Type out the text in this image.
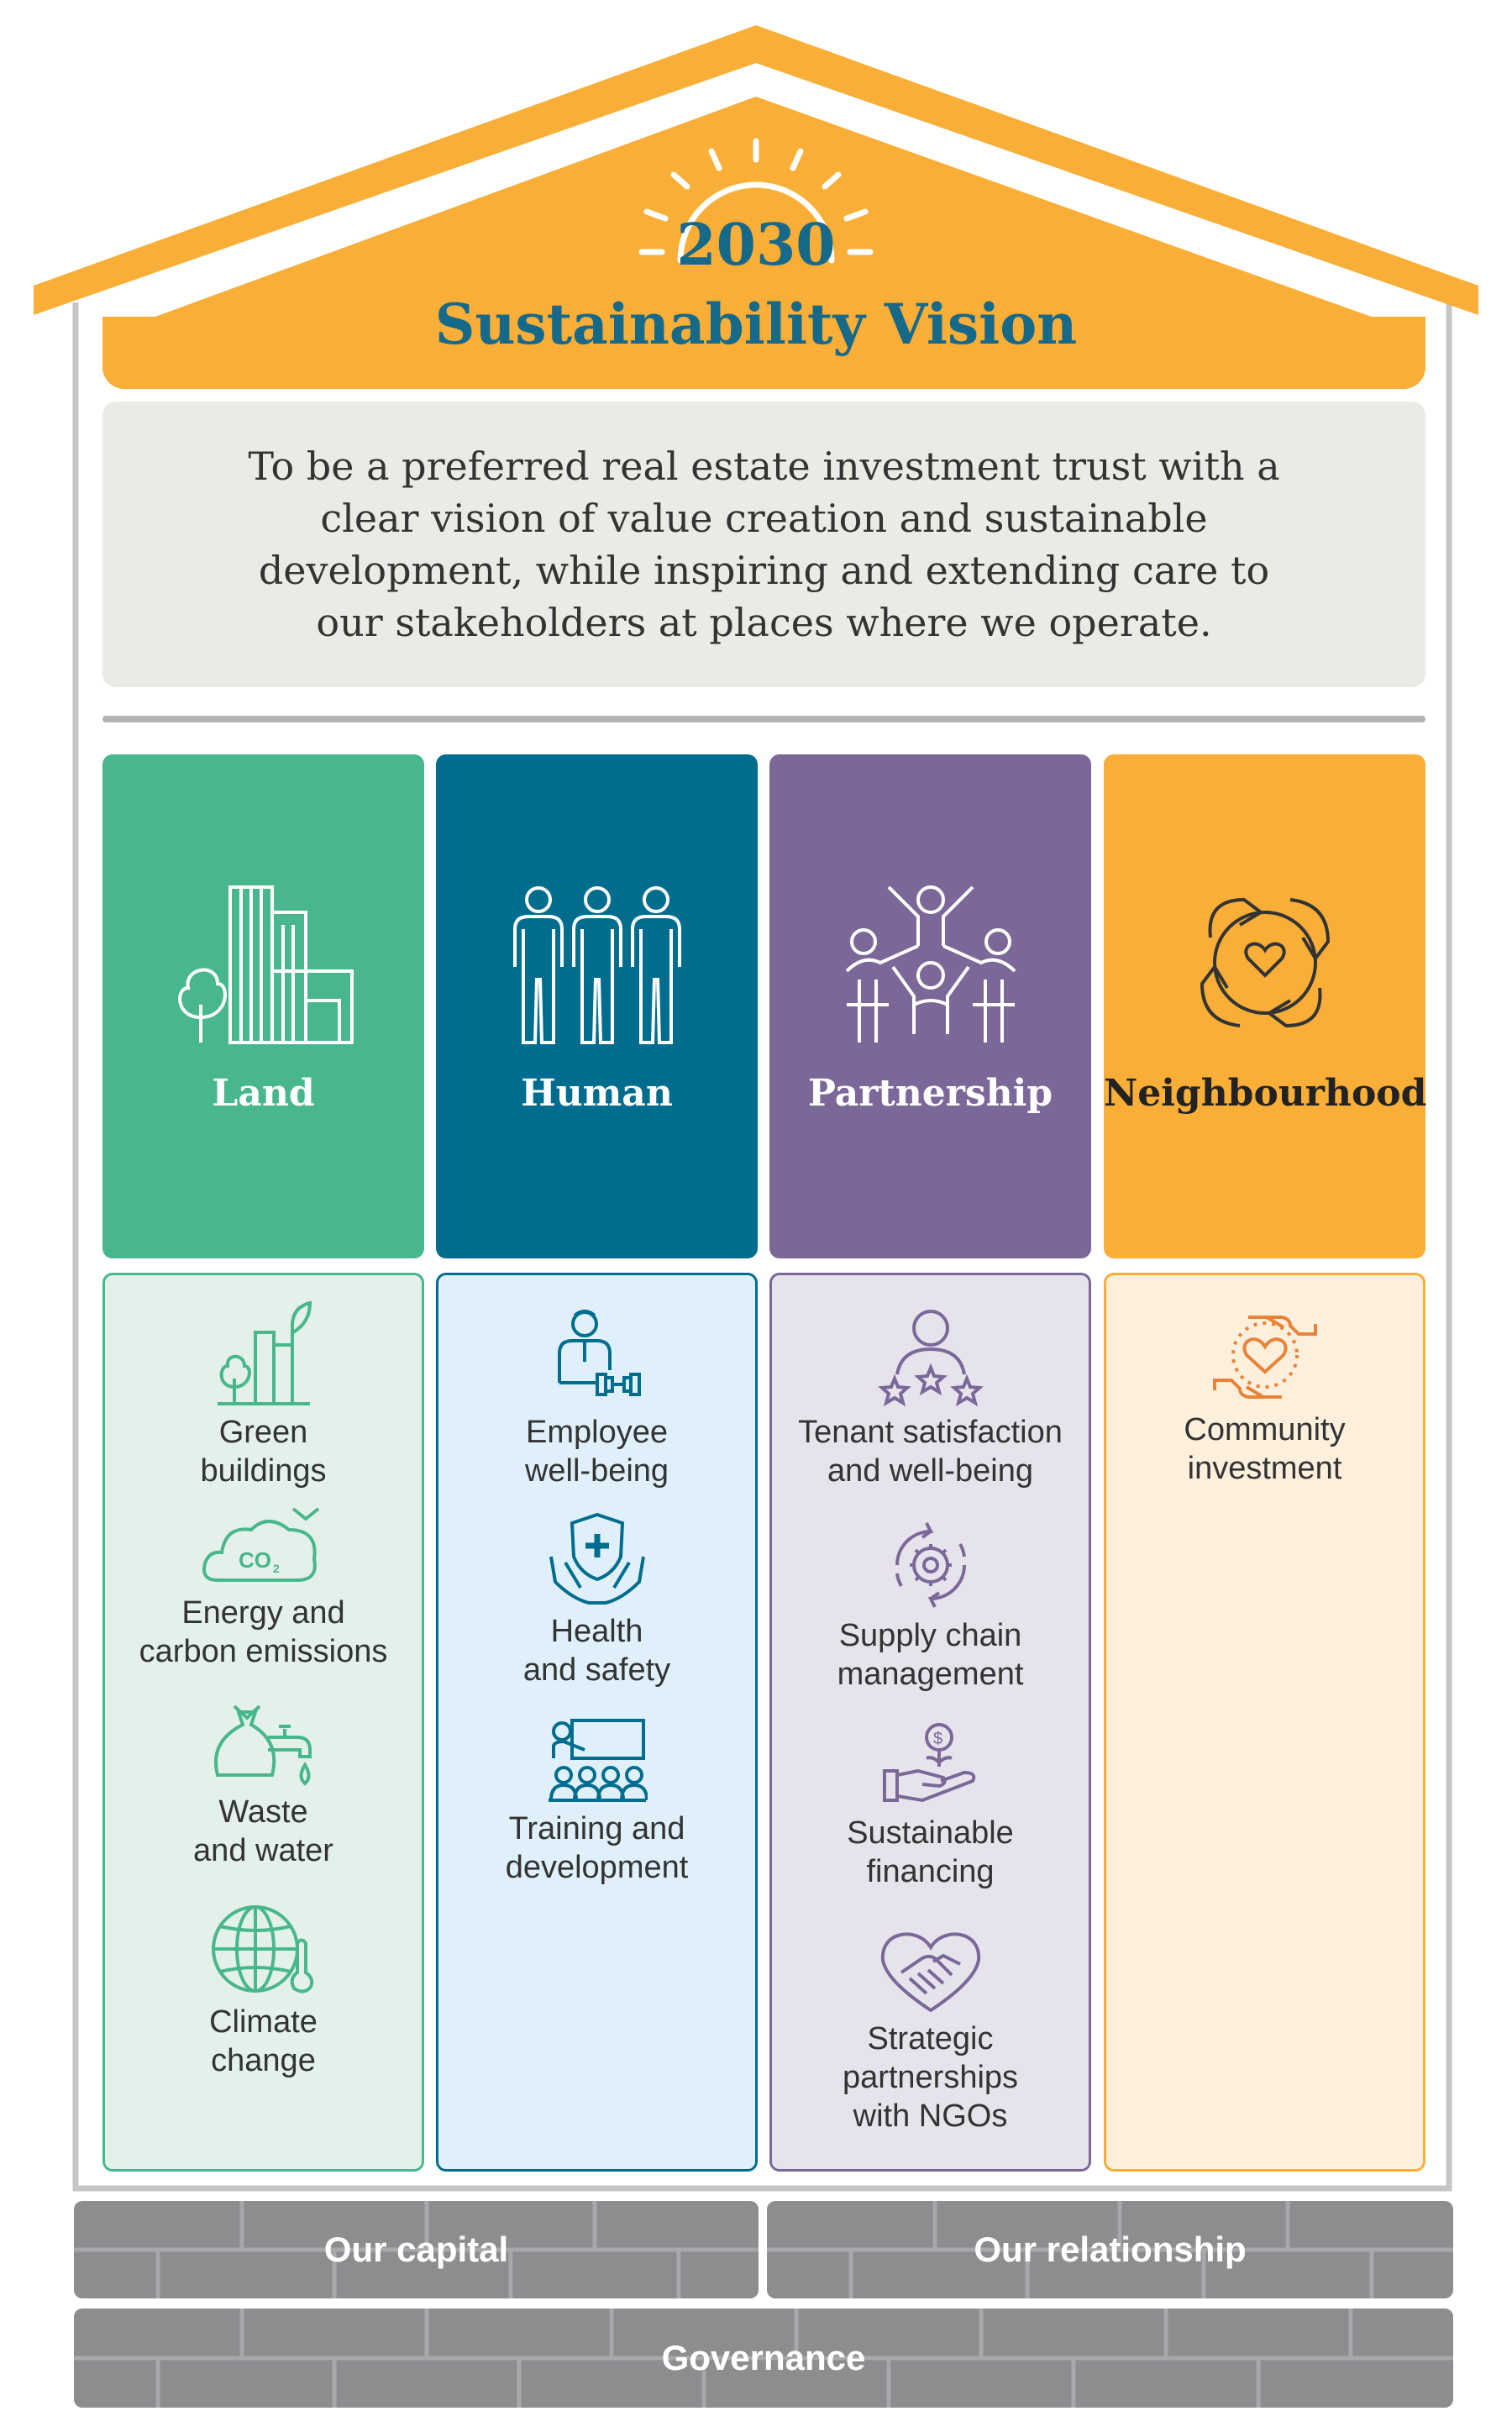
2030
Sustainability Vision

To be a preferred real estate investment trust with a
clear vision of value creation and sustainable
development, while inspiring and extending care to
our stakeholders at places where we operate.

Land	Human	Partnership	Neighbourhood
Green
buildings
CO 2
Energy and
carbon emissions
Waste
and water
Climate
change
Employee
well-being
Health
and safety
Training and
development
Tenant satisfaction
and well-being
Supply chain
management
$
Sustainable
financing
Strategic
partnerships
with NGOs
Community
investment
Our capital	Our relationship
Governance
